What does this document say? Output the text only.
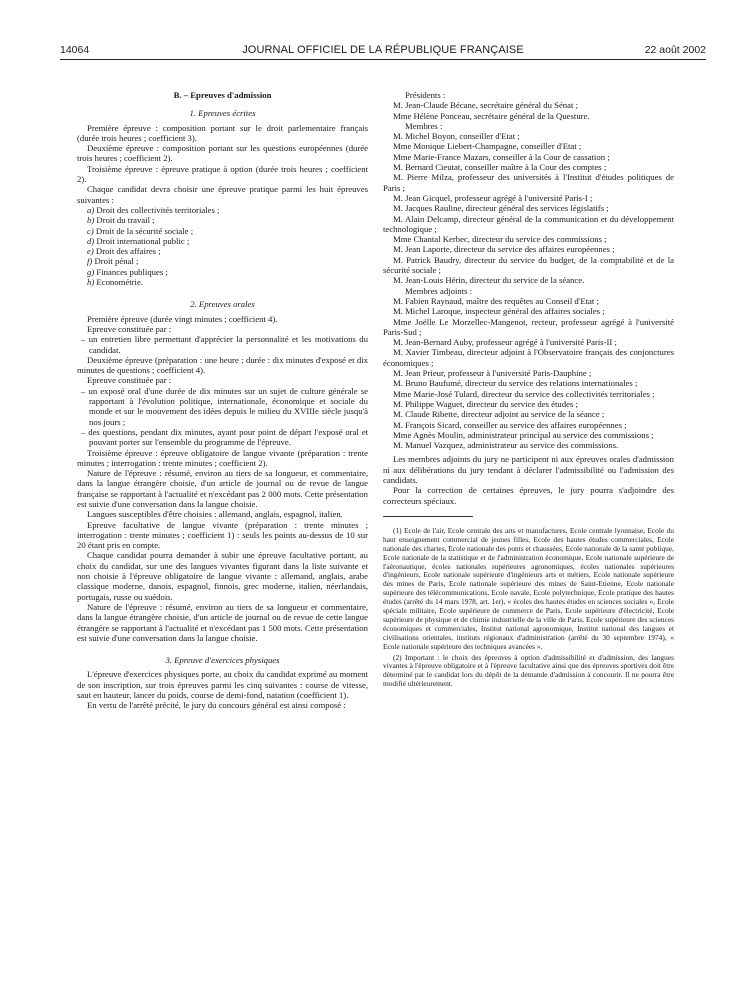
14064	JOURNAL OFFICIEL DE LA RÉPUBLIQUE FRANÇAISE	22 août 2002
B. – Epreuves d'admission
1. Epreuves écrites

Première épreuve : composition portant sur le droit parlementaire français (durée trois heures ; coefficient 3).

Deuxième épreuve : composition portant sur les questions européennes (durée trois heures ; coefficient 2).

Troisième épreuve : épreuve pratique à option (durée trois heures ; coefficient 2).

Chaque candidat devra choisir une épreuve pratique parmi les huit épreuves suivantes :

a) Droit des collectivités territoriales ;
b) Droit du travail ;
c) Droit de la sécurité sociale ;
d) Droit international public ;
e) Droit des affaires ;
f) Droit pénal ;
g) Finances publiques ;
h) Econométrie.
2. Epreuves orales

Première épreuve (durée vingt minutes ; coefficient 4).

Epreuve constituée par :

– un entretien libre permettant d'apprécier la personnalité et les motivations du candidat.

Deuxième épreuve (préparation : une heure ; durée : dix minutes d'exposé et dix minutes de questions ; coefficient 4).

Epreuve constituée par :

– un exposé oral d'une durée de dix minutes sur un sujet de culture générale se rapportant à l'évolution politique, internationale, économique et sociale du monde et sur le mouvement des idées depuis le milieu du XVIIIe siècle jusqu'à nos jours ;

– des questions, pendant dix minutes, ayant pour point de départ l'exposé oral et pouvant porter sur l'ensemble du programme de l'épreuve.

Troisième épreuve : épreuve obligatoire de langue vivante (préparation : trente minutes ; interrogation : trente minutes ; coefficient 2).

Nature de l'épreuve : résumé, environ au tiers de sa longueur, et commentaire, dans la langue étrangère choisie, d'un article de journal ou de revue de langue française se rapportant à l'actualité et n'excédant pas 2 000 mots. Cette présentation est suivie d'une conversation dans la langue choisie.

Langues susceptibles d'être choisies : allemand, anglais, espagnol, italien.

Epreuve facultative de langue vivante (préparation : trente minutes ; interrogation : trente minutes ; coefficient 1) : seuls les points au-dessus de 10 sur 20 étant pris en compte.

Chaque candidat pourra demander à subir une épreuve facultative portant, au choix du candidat, sur une des langues vivantes figurant dans la liste suivante et non choisie à l'épreuve obligatoire de langue vivante : allemand, anglais, arabe classique moderne, danois, espagnol, finnois, grec moderne, italien, néerlandais, portugais, russe ou suédois.

Nature de l'épreuve : résumé, environ au tiers de sa longueur et commentaire, dans la langue étrangère choisie, d'un article de journal ou de revue de cette langue étrangère se rapportant à l'actualité et n'excédant pas 1 500 mots. Cette présentation est suivie d'une conversation dans la langue choisie.

3. Epreuve d'exercices physiques

L'épreuve d'exercices physiques porte, au choix du candidat exprimé au moment de son inscription, sur trois épreuves parmi les cinq suivantes : course de vitesse, saut en hauteur, lancer du poids, course de demi-fond, natation (coefficient 1).

En vertu de l'arrêté précité, le jury du concours général est ainsi composé :

Présidents :

M. Jean-Claude Bécane, secrétaire général du Sénat ;

Mme Hélène Ponceau, secrétaire général de la Questure.

Membres :

M. Michel Boyon, conseiller d'Etat ;

Mme Monique Liebert-Champagne, conseiller d'Etat ;

Mme Marie-France Mazars, conseiller à la Cour de cassation ;

M. Bernard Cieutat, conseiller maître à la Cour des comptes ;

M. Pierre Milza, professeur des universités à l'Institut d'études politiques de Paris ;

M. Jean Gicquel, professeur agrégé à l'université Paris-I ;

M. Jacques Rauline, directeur général des services législatifs ;

M. Alain Delcamp, directeur général de la communication et du développement technologique ;

Mme Chantal Kerbec, directeur du service des commissions ;

M. Jean Laporte, directeur du service des affaires européennes ;

M. Patrick Baudry, directeur du service du budget, de la comptabilité et de la sécurité sociale ;

M. Jean-Louis Hérin, directeur du service de la séance.

Membres adjoints :

M. Fabien Raynaud, maître des requêtes au Conseil d'Etat ;

M. Michel Laroque, inspecteur général des affaires sociales ;

Mme Joëlle Le Morzellec-Mangenot, recteur, professeur agrégé à l'université Paris-Sud ;

M. Jean-Bernard Auby, professeur agrégé à l'université Paris-II ;

M. Xavier Timbeau, directeur adjoint à l'Observatoire français des conjonctures économiques ;

M. Jean Prieur, professeur à l'université Paris-Dauphine ;

M. Bruno Baufumé, directeur du service des relations internationales ;

Mme Marie-José Tulard, directeur du service des collectivités territoriales ;

M. Philippe Waguet, directeur du service des études ;

M. Claude Ribette, directeur adjoint au service de la séance ;

M. François Sicard, conseiller au service des affaires européennes ;

Mme Agnès Moulin, administrateur principal au service des commissions ;

M. Manuel Vazquez, administrateur au service des commissions.

Les membres adjoints du jury ne participent ni aux épreuves orales d'admission ni aux délibérations du jury tendant à déclarer l'admissibilité ou l'admission des candidats.

Pour la correction de certaines épreuves, le jury pourra s'adjoindre des correcteurs spéciaux.

(1) Ecole de l'air, Ecole centrale des arts et manufactures, Ecole centrale lyonnaise, Ecole du haut enseignement commercial de jeunes filles, Ecole des hautes études commerciales, Ecole nationale des chartes, Ecole nationale des ponts et chaussées, Ecole nationale de la santé publique, Ecole nationale de la statistique et de l'administration économique, Ecole nationale supérieure de l'aéronautique, écoles nationales supérieures agronomiques, écoles nationales supérieures d'ingénieurs, Ecole nationale supérieure d'ingénieurs arts et métiers, Ecole nationale supérieure des mines de Paris, Ecole nationale supérieure des mines de Saint-Etienne, Ecole nationale supérieure des télécommunications, Ecole navale, Ecole polytechnique, Ecole pratique des hautes études (arrêté du 14 mars 1978, art. 1er), « écoles des hautes études en sciences sociales », Ecole spéciale militaire, Ecole supérieure de commerce de Paris, Ecole supérieure d'électricité, Ecole supérieure de physique et de chimie industrielle de la ville de Paris, Ecole supérieure des sciences économiques et commerciales, Institut national agronomique, Institut national des langues et civilisations orientales, instituts régionaux d'administration (arrêté du 30 septembre 1974), « Ecole nationale supérieure des techniques avancées ».

(2) Important : le choix des épreuves à option d'admissibilité et d'admission, des langues vivantes à l'épreuve obligatoire et à l'épreuve facultative ainsi que des épreuves sportives doit être déterminé par le candidat lors du dépôt de la demande d'admission à concourir. Il ne pourra être modifié ultérieurement.
